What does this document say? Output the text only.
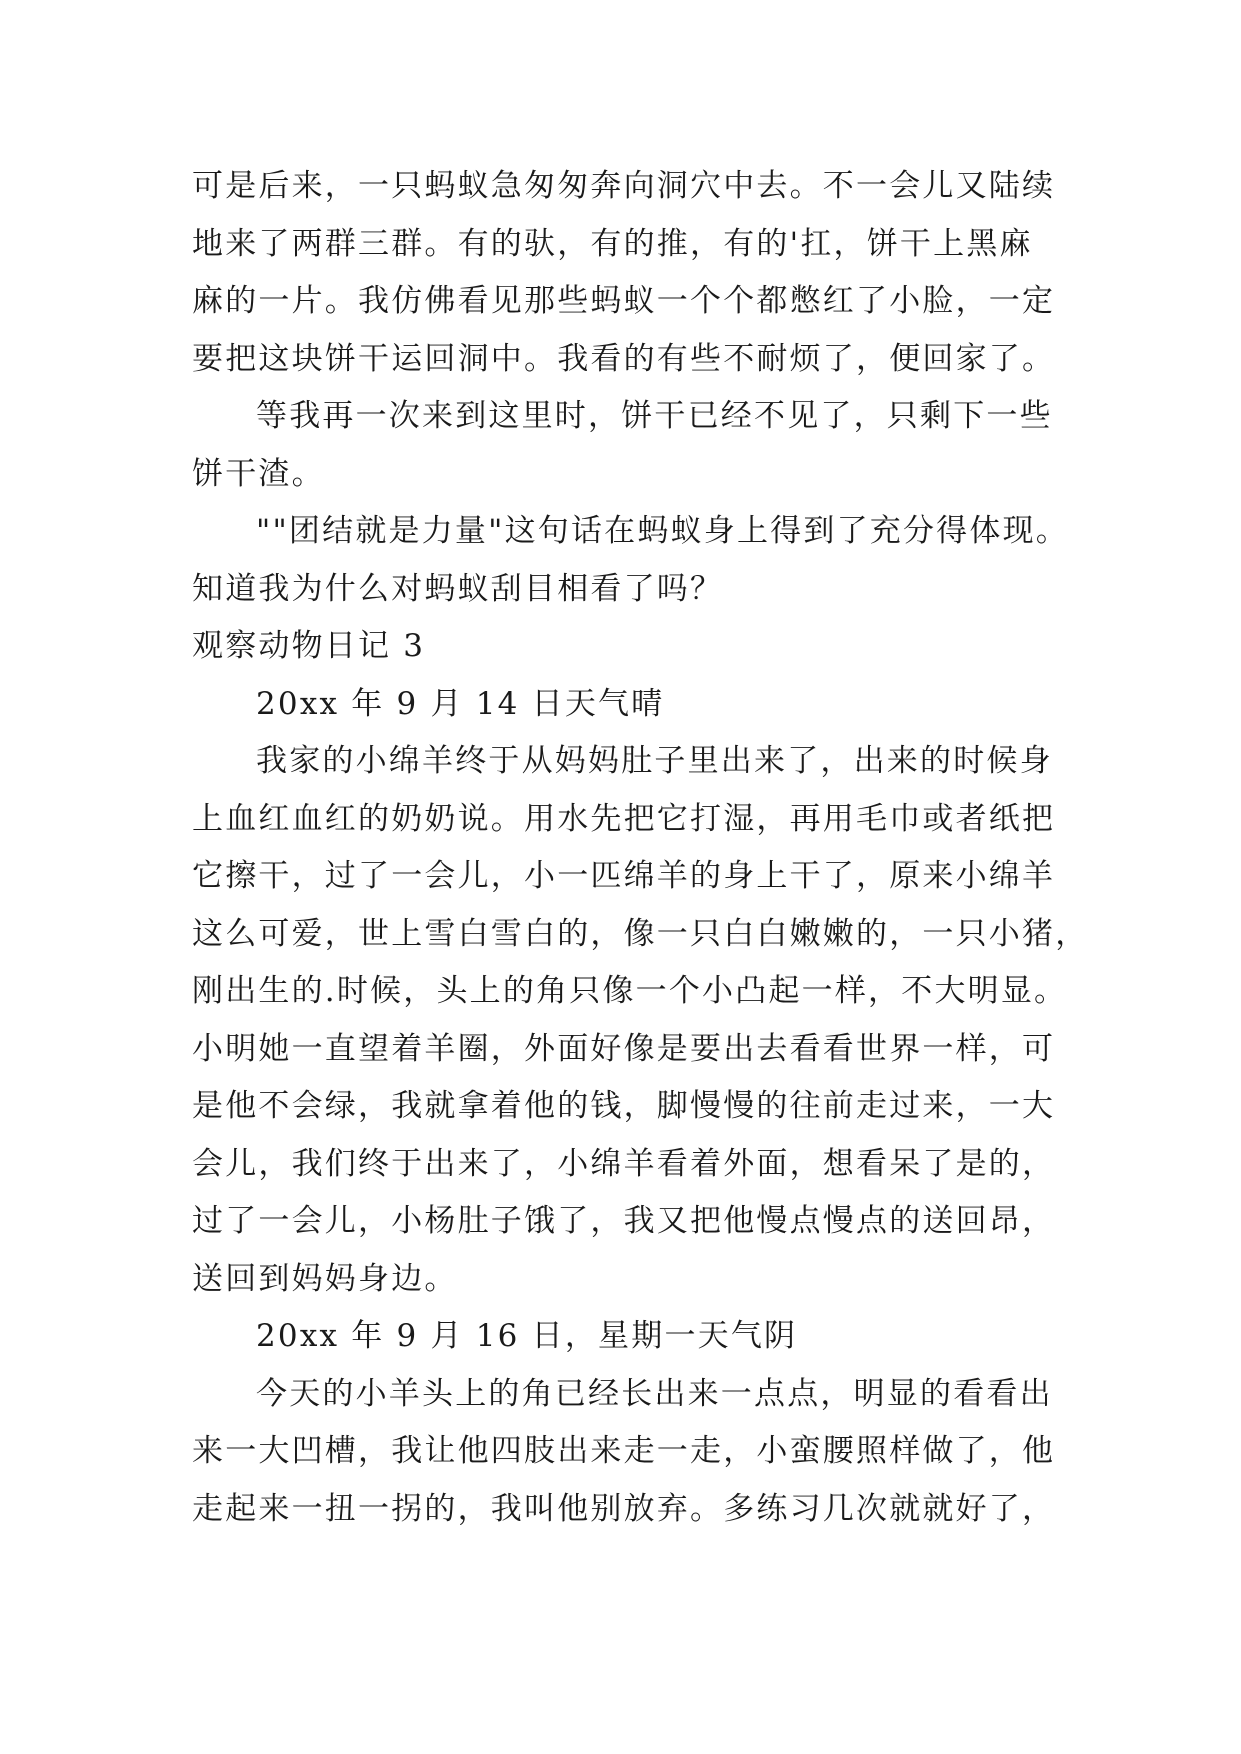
可是后来，一只蚂蚁急匆匆奔向洞穴中去。不一会儿又陆续
地来了两群三群。有的驮，有的推，有的'扛，饼干上黑麻
麻的一片。我仿佛看见那些蚂蚁一个个都憋红了小脸，一定
要把这块饼干运回洞中。我看的有些不耐烦了，便回家了。
等我再一次来到这里时，饼干已经不见了，只剩下一些
饼干渣。
""团结就是力量"这句话在蚂蚁身上得到了充分得体现。
知道我为什么对蚂蚁刮目相看了吗？
观察动物日记 3
20xx 年 9 月 14 日天气晴
我家的小绵羊终于从妈妈肚子里出来了，出来的时候身
上血红血红的奶奶说。用水先把它打湿，再用毛巾或者纸把
它擦干，过了一会儿，小一匹绵羊的身上干了，原来小绵羊
这么可爱，世上雪白雪白的，像一只白白嫩嫩的，一只小猪，
刚出生的.时候，头上的角只像一个小凸起一样，不大明显。
小明她一直望着羊圈，外面好像是要出去看看世界一样，可
是他不会绿，我就拿着他的钱，脚慢慢的往前走过来，一大
会儿，我们终于出来了，小绵羊看着外面，想看呆了是的，
过了一会儿，小杨肚子饿了，我又把他慢点慢点的送回昂，
送回到妈妈身边。
20xx 年 9 月 16 日，星期一天气阴
今天的小羊头上的角已经长出来一点点，明显的看看出
来一大凹槽，我让他四肢出来走一走，小蛮腰照样做了，他
走起来一扭一拐的，我叫他别放弃。多练习几次就就好了，
